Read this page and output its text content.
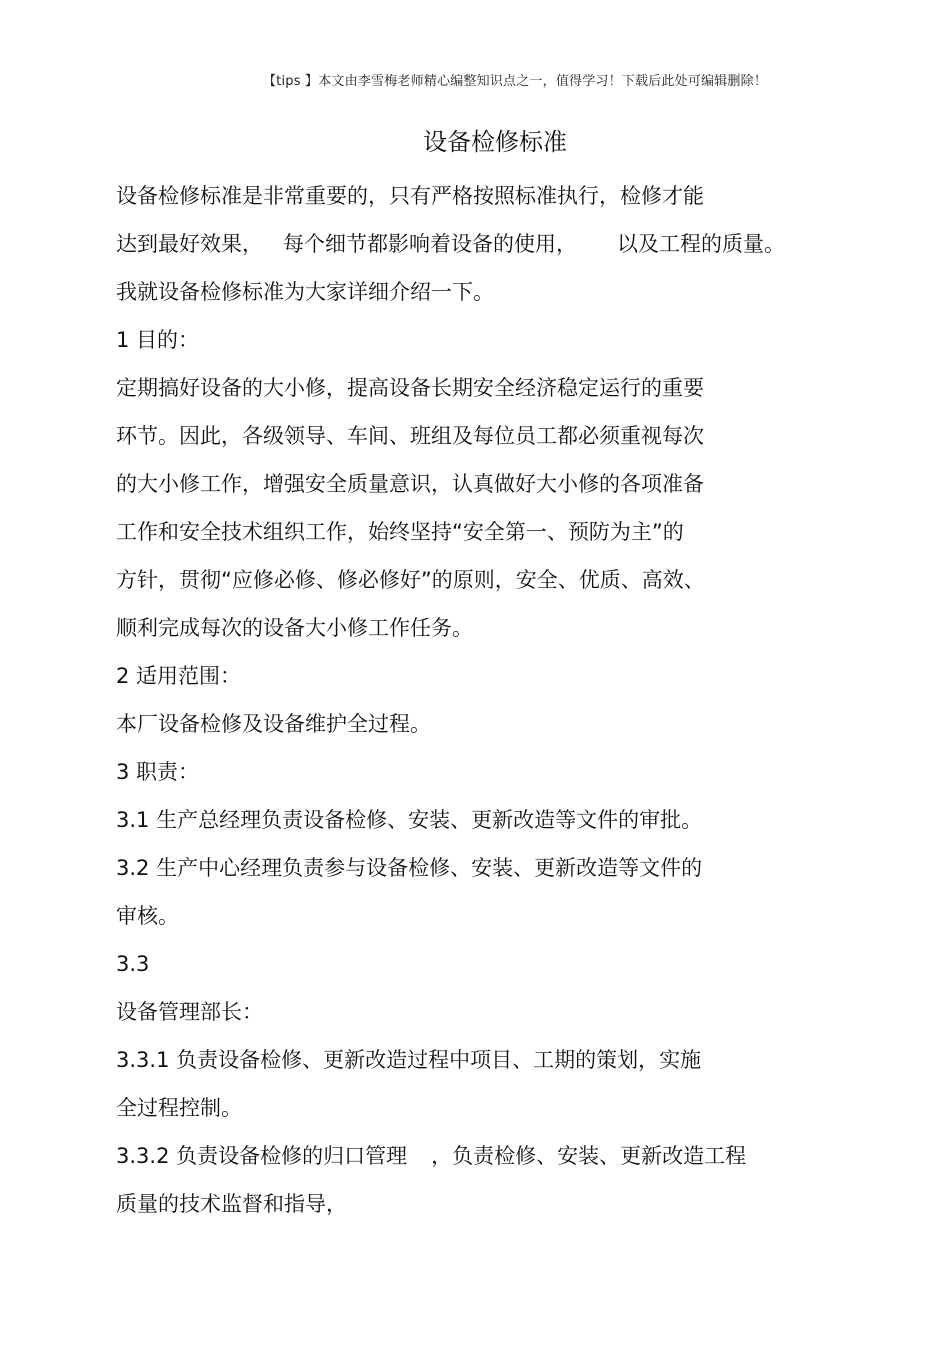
【tips 】本文由李雪梅老师精心编整知识点之一，值得学习！下载后此处可编辑删除！
设备检修标准
设备检修标准是非常重要的，只有严格按照标准执行，检修才能
达到最好效果， 每个细节都影响着设备的使用， 以及工程的质量。
我就设备检修标准为大家详细介绍一下。
1 目的：
定期搞好设备的大小修，提高设备长期安全经济稳定运行的重要
环节。因此，各级领导、车间、班组及每位员工都必须重视每次
的大小修工作，增强安全质量意识，认真做好大小修的各项准备
工作和安全技术组织工作，始终坚持“安全第一、预防为主”的
方针，贯彻“应修必修、修必修好”的原则，安全、优质、高效、
顺利完成每次的设备大小修工作任务。
2 适用范围：
本厂设备检修及设备维护全过程。
3 职责：
3.1 生产总经理负责设备检修、安装、更新改造等文件的审批。
3.2 生产中心经理负责参与设备检修、安装、更新改造等文件的
审核。
3.3
设备管理部长：
3.3.1 负责设备检修、更新改造过程中项目、工期的策划，实施
全过程控制。
3.3.2 负责设备检修的归口管理 ，负责检修、安装、更新改造工程
质量的技术监督和指导，
